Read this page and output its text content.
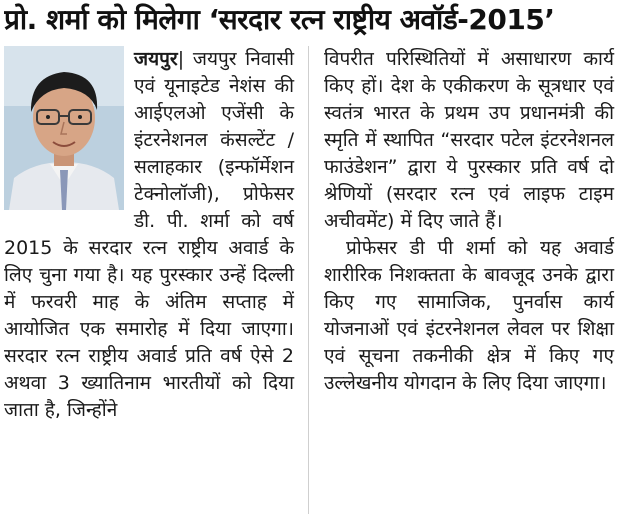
प्रो. शर्मा को मिलेगा ‘सरदार रत्न राष्ट्रीय अवॉर्ड-2015’

जयपुर| जयपुर निवासी एवं यूनाइटेड नेशंस की आईएलओ एजेंसी के इंटरनेशनल कंसल्टेंट / सलाहकार (इन्फॉर्मेशन टेक्नोलॉजी), प्रोफेसर डी. पी. शर्मा को वर्ष 2015 के सरदार रत्न राष्ट्रीय अवार्ड के लिए चुना गया है। यह पुरस्कार उन्हें दिल्ली में फरवरी माह के अंतिम सप्ताह में आयोजित एक समारोह में दिया जाएगा। सरदार रत्न राष्ट्रीय अवार्ड प्रति वर्ष ऐसे 2 अथवा 3 ख्यातिनाम भारतीयों को दिया जाता है, जिन्होंने

विपरीत परिस्थितियों में असाधारण कार्य किए हों। देश के एकीकरण के सूत्रधार एवं स्वतंत्र भारत के प्रथम उप प्रधानमंत्री की स्मृति में स्थापित “सरदार पटेल इंटरनेशनल फाउंडेशन” द्वारा ये पुरस्कार प्रति वर्ष दो श्रेणियों (सरदार रत्न एवं लाइफ टाइम अचीवमेंट) में दिए जाते हैं।

प्रोफेसर डी पी शर्मा को यह अवार्ड शारीरिक निशक्तता के बावजूद उनके द्वारा किए गए सामाजिक, पुनर्वास कार्य योजनाओं एवं इंटरनेशनल लेवल पर शिक्षा एवं सूचना तकनीकी क्षेत्र में किए गए उल्लेखनीय योगदान के लिए दिया जाएगा।
